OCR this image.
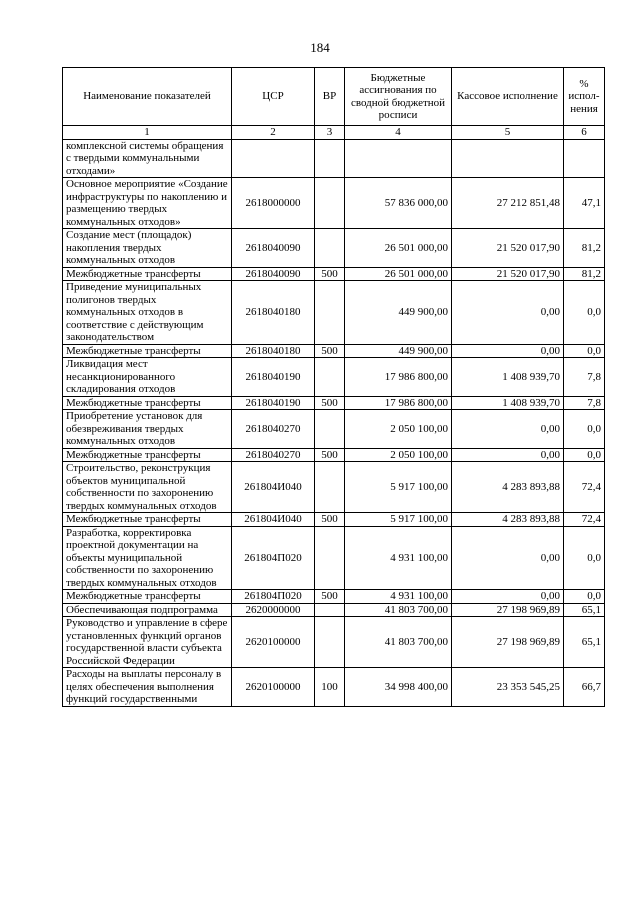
184
Наименование показателей	ЦСР	ВР	Бюджетные ассигнования по сводной бюджетной росписи	Кассовое исполнение	% испол-нения
1	2	3	4	5	6
комплексной системы обращения с твердыми коммунальными отходами»					
Основное мероприятие «Создание инфраструктуры по накоплению и размещению твердых коммунальных отходов»	2618000000		57 836 000,00	27 212 851,48	47,1
Создание мест (площадок) накопления твердых коммунальных отходов	2618040090		26 501 000,00	21 520 017,90	81,2
Межбюджетные трансферты	2618040090	500	26 501 000,00	21 520 017,90	81,2
Приведение муниципальных полигонов твердых коммунальных отходов в соответствие с действующим законодательством	2618040180		449 900,00	0,00	0,0
Межбюджетные трансферты	2618040180	500	449 900,00	0,00	0,0
Ликвидация мест несанкционированного складирования отходов	2618040190		17 986 800,00	1 408 939,70	7,8
Межбюджетные трансферты	2618040190	500	17 986 800,00	1 408 939,70	7,8
Приобретение установок для обезвреживания твердых коммунальных отходов	2618040270		2 050 100,00	0,00	0,0
Межбюджетные трансферты	2618040270	500	2 050 100,00	0,00	0,0
Строительство, реконструкция объектов муниципальной собственности по захоронению твердых коммунальных отходов	261804И040		5 917 100,00	4 283 893,88	72,4
Межбюджетные трансферты	261804И040	500	5 917 100,00	4 283 893,88	72,4
Разработка, корректировка проектной документации на объекты муниципальной собственности по захоронению твердых коммунальных отходов	261804П020		4 931 100,00	0,00	0,0
Межбюджетные трансферты	261804П020	500	4 931 100,00	0,00	0,0
Обеспечивающая подпрограмма	2620000000		41 803 700,00	27 198 969,89	65,1
Руководство и управление в сфере установленных функций органов государственной власти субъекта Российской Федерации	2620100000		41 803 700,00	27 198 969,89	65,1
Расходы на выплаты персоналу в целях обеспечения выполнения функций государственными	2620100000	100	34 998 400,00	23 353 545,25	66,7
